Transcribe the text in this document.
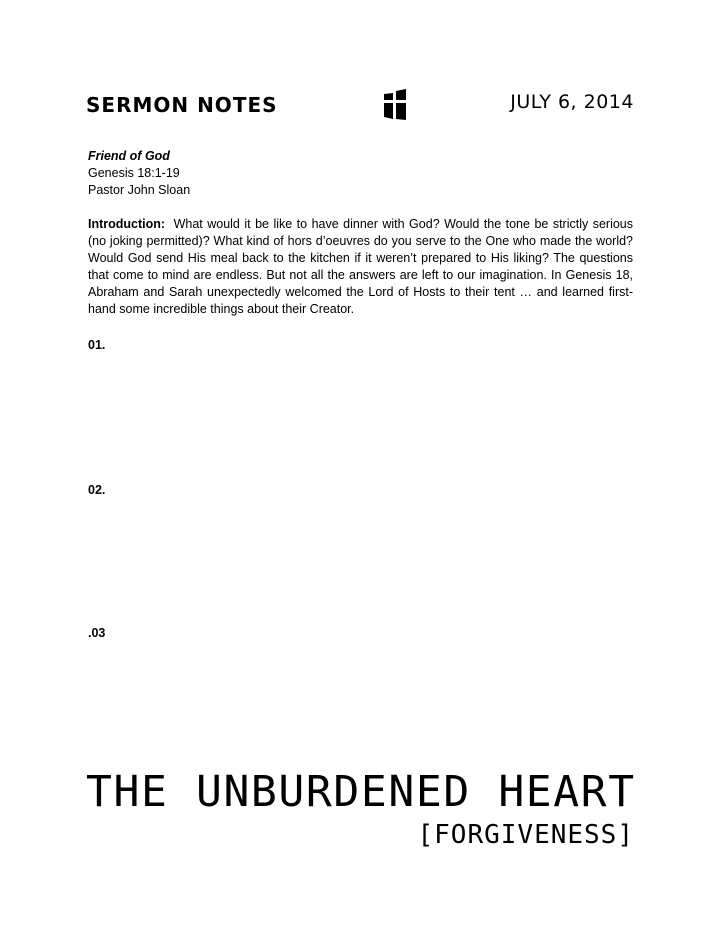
SERMON NOTES	JULY 6, 2014
Friend of God
Genesis 18:1-19
Pastor John Sloan
Introduction: What would it be like to have dinner with God? Would the tone be strictly serious (no joking permitted)? What kind of hors d’oeuvres do you serve to the One who made the world? Would God send His meal back to the kitchen if it weren’t prepared to His liking? The questions that come to mind are endless. But not all the answers are left to our imagination. In Genesis 18, Abraham and Sarah unexpectedly welcomed the Lord of Hosts to their tent … and learned first-hand some incredible things about their Creator.
01.
02.
.03
THE UNBURDENED HEART
[FORGIVENESS]
